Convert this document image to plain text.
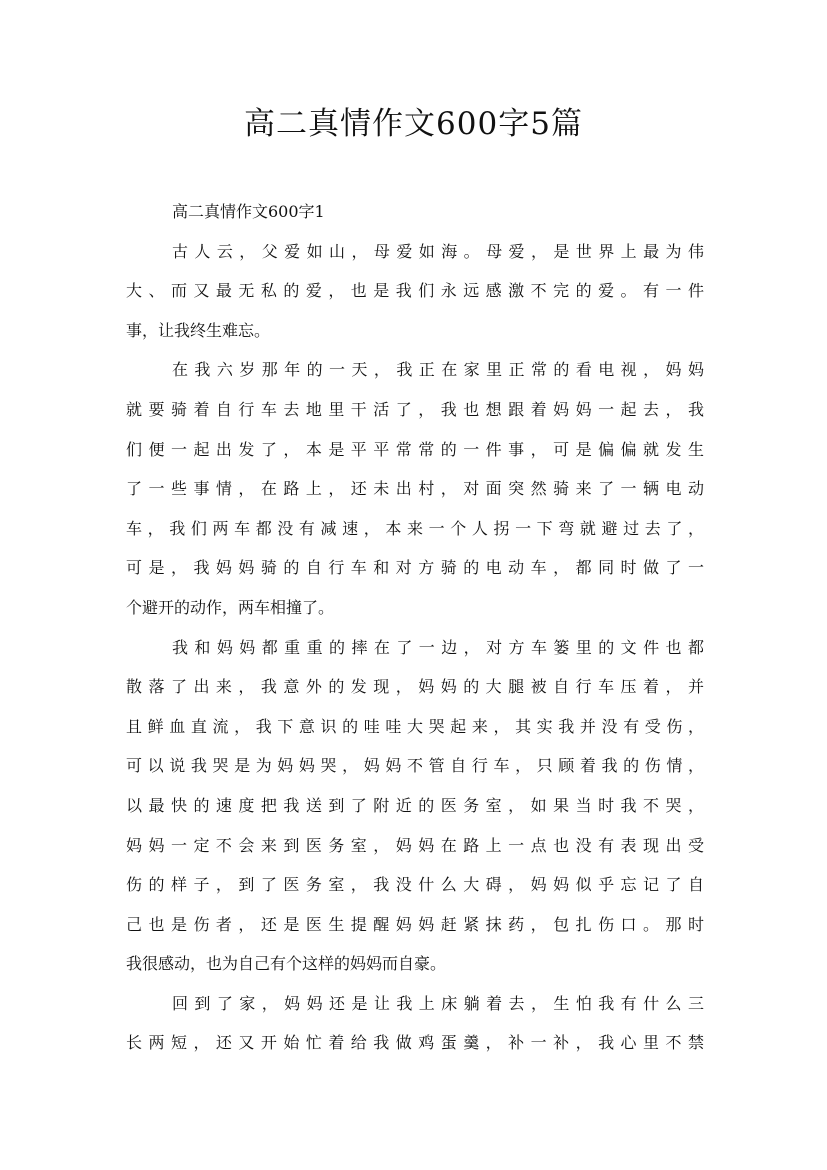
高二真情作文600字5篇
高二真情作文600字1
古人云，父爱如山，母爱如海。母爱，是世界上最为伟
大、而又最无私的爱，也是我们永远感激不完的爱。有一件
事，让我终生难忘。
在我六岁那年的一天，我正在家里正常的看电视，妈妈
就要骑着自行车去地里干活了，我也想跟着妈妈一起去，我
们便一起出发了，本是平平常常的一件事，可是偏偏就发生
了一些事情，在路上，还未出村，对面突然骑来了一辆电动
车，我们两车都没有减速，本来一个人拐一下弯就避过去了，
可是，我妈妈骑的自行车和对方骑的电动车，都同时做了一
个避开的动作，两车相撞了。
我和妈妈都重重的摔在了一边，对方车篓里的文件也都
散落了出来，我意外的发现，妈妈的大腿被自行车压着，并
且鲜血直流，我下意识的哇哇大哭起来，其实我并没有受伤，
可以说我哭是为妈妈哭，妈妈不管自行车，只顾着我的伤情，
以最快的速度把我送到了附近的医务室，如果当时我不哭，
妈妈一定不会来到医务室，妈妈在路上一点也没有表现出受
伤的样子，到了医务室，我没什么大碍，妈妈似乎忘记了自
己也是伤者，还是医生提醒妈妈赶紧抹药，包扎伤口。那时
我很感动，也为自己有个这样的妈妈而自豪。
回到了家，妈妈还是让我上床躺着去，生怕我有什么三
长两短，还又开始忙着给我做鸡蛋羹，补一补，我心里不禁
